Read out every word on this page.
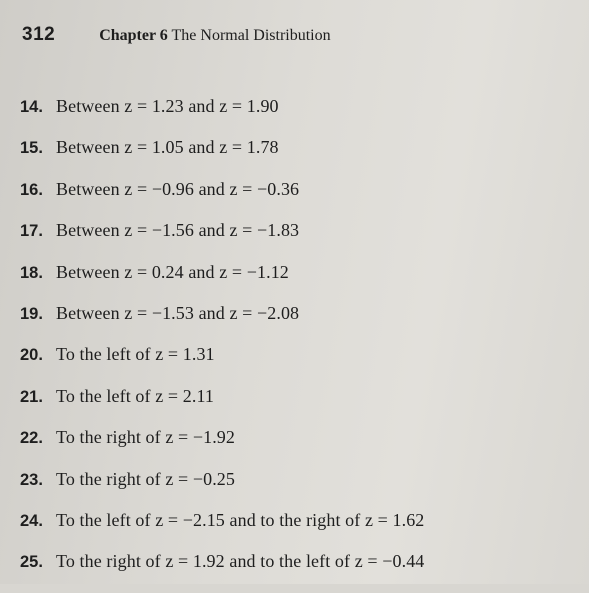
312	Chapter 6 The Normal Distribution
14. Between z = 1.23 and z = 1.90
15. Between z = 1.05 and z = 1.78
16. Between z = −0.96 and z = −0.36
17. Between z = −1.56 and z = −1.83
18. Between z = 0.24 and z = −1.12
19. Between z = −1.53 and z = −2.08
20. To the left of z = 1.31
21. To the left of z = 2.11
22. To the right of z = −1.92
23. To the right of z = −0.25
24. To the left of z = −2.15 and to the right of z = 1.62
25. To the right of z = 1.92 and to the left of z = −0.44
